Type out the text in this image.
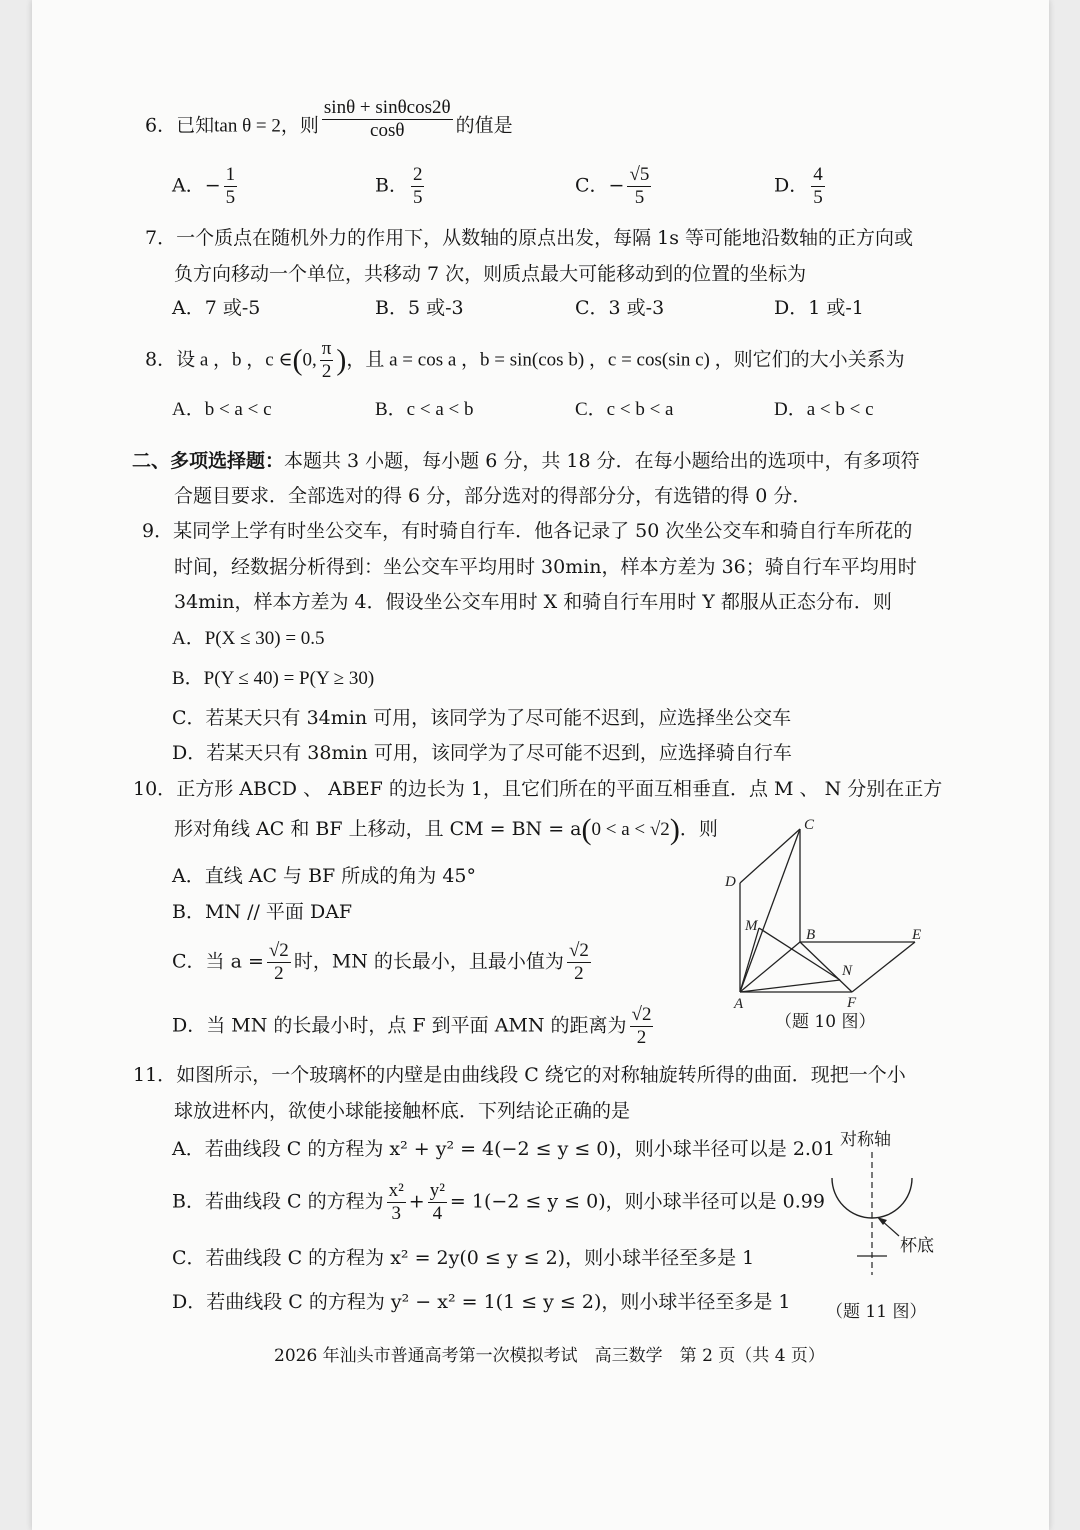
6．已知tan θ = 2，则 $\frac{\sin\theta + \sin\theta\cos 2\theta}{\cos\theta}$ 的值是
A．− $\frac{1}{5}$	B． $\frac{2}{5}$	C．− $\frac{√5}{5}$	D． $\frac{4}{5}$
7．一个质点在随机外力的作用下，从数轴的原点出发，每隔 1s 等可能地沿数轴的正方向或
负方向移动一个单位，共移动 7 次，则质点最大可能移动到的位置的坐标为
A．7 或-5	B．5 或-3	C．3 或-3	D．1 或-1
8．设 a ，b ，c ∈(0, $\frac{\pi}{2}$ )，且 a = cos a ，b = sin(cos b) ，c = cos(sin c) ，则它们的大小关系为
A．b < a < c	B．c < a < b	C．c < b < a	D．a < b < c
二、多项选择题：本题共 3 小题，每小题 6 分，共 18 分．在每小题给出的选项中，有多项符
合题目要求．全部选对的得 6 分，部分选对的得部分分，有选错的得 0 分．
9．某同学上学有时坐公交车，有时骑自行车．他各记录了 50 次坐公交车和骑自行车所花的
时间，经数据分析得到：坐公交车平均用时 30min，样本方差为 36；骑自行车平均用时
34min，样本方差为 4．假设坐公交车用时 X 和骑自行车用时 Y 都服从正态分布．则
A．P(X ≤ 30) = 0.5
B．P(Y ≤ 40) = P(Y ≥ 30)
C．若某天只有 34min 可用，该同学为了尽可能不迟到，应选择坐公交车
D．若某天只有 38min 可用，该同学为了尽可能不迟到，应选择骑自行车
10．正方形 ABCD 、 ABEF 的边长为 1，且它们所在的平面互相垂直．点 M 、 N 分别在正方
形对角线 AC 和 BF 上移动，且 CM = BN = a(0 < a < √2)．则
A．直线 AC 与 BF 所成的角为 45°
B．MN // 平面 DAF
C．当 $a = \frac{√2}{2}$ 时，MN 的长最小，且最小值为 $\frac{√2}{2}$
D．当 MN 的长最小时，点 F 到平面 AMN 的距离为 $\frac{√2}{2}$
C
D
M
B	E
N
A	F
（题 10 图）
11．如图所示，一个玻璃杯的内壁是由曲线段 C 绕它的对称轴旋转所得的曲面．现把一个小
球放进杯内，欲使小球能接触杯底．下列结论正确的是
A．若曲线段 C 的方程为 x² + y² = 4(−2 ≤ y ≤ 0)，则小球半径可以是 2.01
B．若曲线段 C 的方程为 $\frac{\text{x²}}{3} + \frac{\text{y²}}{4} = 1(-2 \le y \le 0)$，则小球半径可以是 0.99
C．若曲线段 C 的方程为 x² = 2y(0 ≤ y ≤ 2)，则小球半径至多是 1
D．若曲线段 C 的方程为 y² − x² = 1(1 ≤ y ≤ 2)，则小球半径至多是 1
对称轴
杯底
（题 11 图）
2026 年汕头市普通高考第一次模拟考试　高三数学　第 2 页（共 4 页）
